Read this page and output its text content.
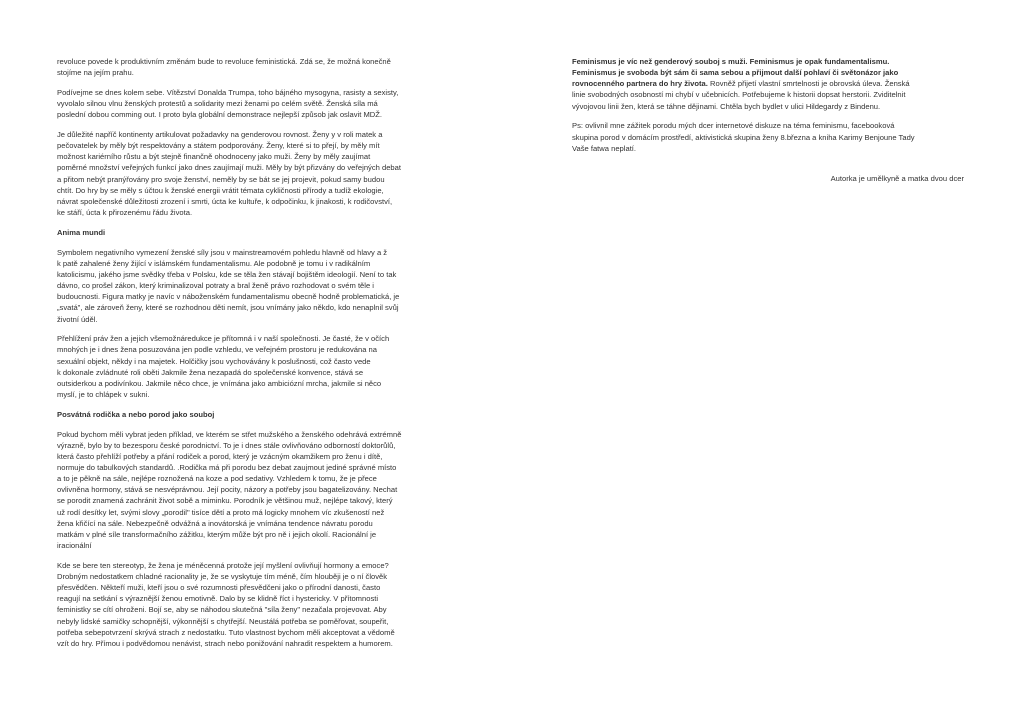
revoluce povede k produktivním změnám bude to revoluce feministická. Zdá se, že možná konečně
stojíme na jejím prahu.
Podívejme se dnes kolem sebe. Vítězství Donalda Trumpa, toho bájného mysogyna, rasisty a sexisty,
vyvolalo silnou vlnu ženských protestů a solidarity mezi ženami po celém světě. Ženská síla má
poslední dobou comming out. I proto byla globální demonstrace nejlepší způsob jak oslavit MDŽ.
Je důležité napříč kontinenty artikulovat požadavky na genderovou rovnost. Ženy y v roli matek a
pečovatelek by měly být respektovány a státem podporovány. Ženy, které si to přejí, by měly mít
možnost kariérního růstu a být stejně finančně ohodnoceny jako muži. Ženy by měly zaujímat
poměrné množství veřejných funkcí jako dnes zaujímají muži. Měly by být přizvány do veřejných debat
a přitom nebýt pranýřovány pro svoje ženství, neměly by se bát se jej projevit, pokud samy budou
chtít. Do hry by se měly s účtou k ženské energii vrátit témata cykličnosti přírody a tudíž ekologie,
návrat společenské důležitosti zrození i smrti, úcta ke kultuře, k odpočinku, k jinakosti, k rodičovství,
ke stáří, úcta k přirozenému řádu života.
Anima mundi
Symbolem negativního vymezení ženské síly jsou v mainstreamovém pohledu hlavně od hlavy a ž
k patě zahalené ženy žijící v islámském fundamentalismu. Ale podobně je tomu i v radikálním
katolicismu, jakého jsme svědky třeba v Polsku, kde se těla žen stávají bojištěm ideologií. Není to tak
dávno, co prošel zákon, který kriminalizoval potraty a bral ženě právo rozhodovat o svém těle i
budoucnosti. Figura matky je navíc v náboženském fundamentalismu obecně hodně problematická, je
„svatá", ale zároveň ženy, které se rozhodnou děti nemít, jsou vnímány jako někdo, kdo nenaplnil svůj
životní úděl.
Přehlížení práv žen a jejich všemožnáredukce je přítomná i v naší společnosti. Je časté, že v očích
mnohých je i dnes žena posuzována jen podle vzhledu, ve veřejném prostoru je redukována na
sexuální objekt, někdy i na majetek. Holčičky jsou vychovávány k poslušnosti, což často vede
k dokonale zvládnuté roli oběti Jakmile žena nezapadá do společenské konvence, stává se
outsiderkou a podivínkou. Jakmile něco chce, je vnímána jako ambiciózní mrcha, jakmile si něco
myslí, je to chlápek v sukni.
Posvátná rodička a nebo porod jako souboj
Pokud bychom měli vybrat jeden příklad, ve kterém se střet mužského a ženského odehrává extrémně
výrazně, bylo by to bezesporu české porodnictví. To je i dnes stále ovlivňováno odborností doktorůlů,
která často přehlíží potřeby a přání rodiček a porod, který je vzácným okamžikem pro ženu i dítě,
normuje do tabulkových standardů. .Rodička má při porodu bez debat zaujmout jediné správné místo
a to je pěkně na sále, nejlépe roznožená na koze a pod sedativy. Vzhledem k tomu, že je přece
ovlivněna hormony, stává se nesvéprávnou. Její pocity, názory a potřeby jsou bagatelizovány. Nechat
se porodit znamená zachránit život sobě a miminku. Porodník je většinou muž, nejlépe takový, který
už rodí desítky let, svými slovy „porodil" tisíce dětí a proto má logicky mnohem víc zkušeností než
žena křičící na sále. Nebezpečně odvážná a inovátorská je vnímána tendence návratu porodu
matkám v plné síle transformačního zážitku, kterým může být pro ně i jejich okolí. Racionální je
iracionální
Kde se bere ten stereotyp, že žena je méněcenná protože její myšlení ovlivňují hormony a emoce?
Drobným nedostatkem chladné racionality je, že se vyskytuje tím méně, čím hlouběji je o ní člověk
přesvědčen. Někteří muži, kteří jsou o své rozumnosti přesvědčeni jako o přírodní danosti, často
reagují na setkání s výraznější ženou emotivně. Dalo by se klidně říct i hystericky. V přítomnosti
feministky se cítí ohroženi. Bojí se, aby se náhodou skutečná "síla ženy" nezačala projevovat. Aby
nebyly lidské samičky schopnější, výkonnější s chytřejší. Neustálá potřeba se poměřovat, soupeřit,
potřeba sebepotvrzení skrývá strach z nedostatku. Tuto vlastnost bychom měli akceptovat a vědomě
vzít do hry. Přímou i podvědomou nenávist, strach nebo ponižování nahradit respektem a humorem.
Feminismus je víc než genderový souboj s muži. Feminismus je opak fundamentalismu.
Feminismus je svoboda být sám či sama sebou a přijmout další pohlaví či světonázor jako
rovnocenného partnera do hry života. Rovněž přijetí vlastní smrtelnosti je obrovská úleva. Ženská
linie svobodných osobností mi chybí v učebnicích. Potřebujeme k historii dopsat herstorii. Zviditelnit
vývojovou linii žen, která se táhne dějinami. Chtěla bych bydlet v ulici Hildegardy z Bindenu.
Ps: ovlivnil mne zážitek porodu mých dcer internetové diskuze na téma feminismu, facebooková
skupina porod v domácím prostředí, aktivistická skupina ženy 8.března a kniha Karimy Benjoune Tady
Vaše fatwa neplatí.
Autorka je umělkyně a matka dvou dcer
